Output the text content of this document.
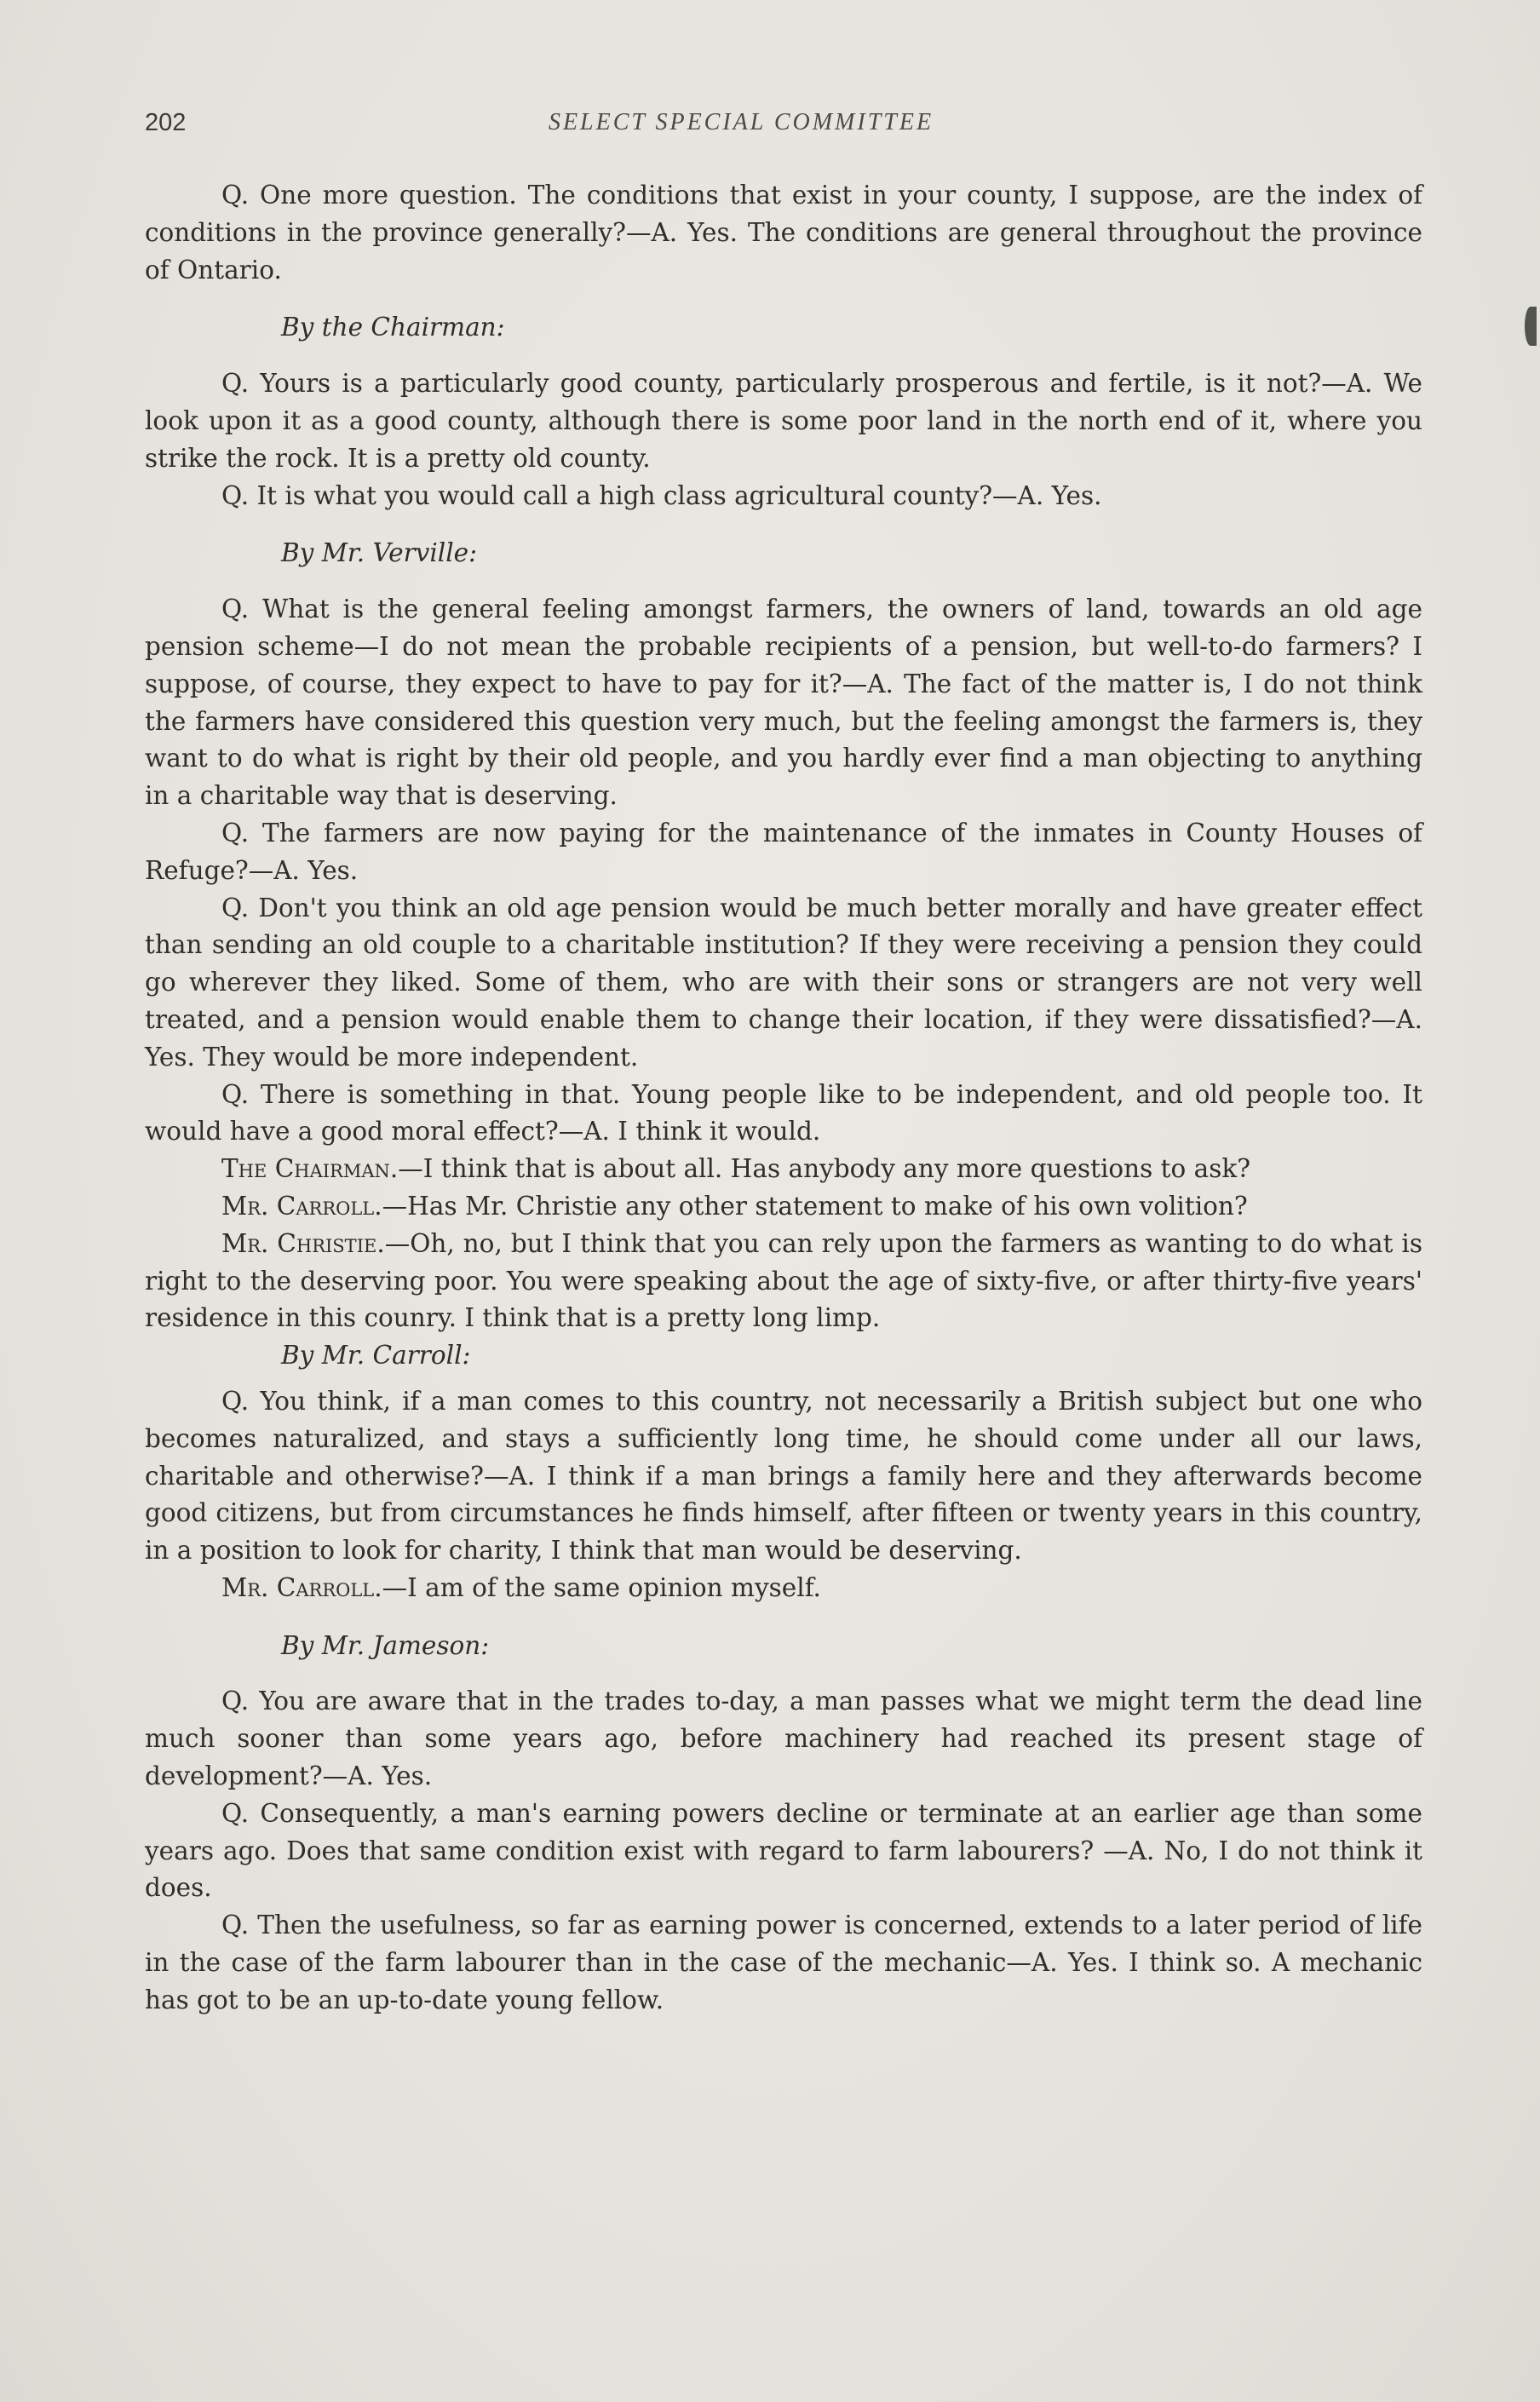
202	SELECT SPECIAL COMMITTEE

Q. One more question. The conditions that exist in your county, I suppose, are the index of conditions in the province generally?—A. Yes. The conditions are general throughout the province of Ontario.

By the Chairman:

Q. Yours is a particularly good county, particularly prosperous and fertile, is it not?—A. We look upon it as a good county, although there is some poor land in the north end of it, where you strike the rock. It is a pretty old county.

Q. It is what you would call a high class agricultural county?—A. Yes.

By Mr. Verville:

Q. What is the general feeling amongst farmers, the owners of land, towards an old age pension scheme—I do not mean the probable recipients of a pension, but well-to-do farmers? I suppose, of course, they expect to have to pay for it?—A. The fact of the matter is, I do not think the farmers have considered this question very much, but the feeling amongst the farmers is, they want to do what is right by their old people, and you hardly ever find a man objecting to anything in a charitable way that is deserving.

Q. The farmers are now paying for the maintenance of the inmates in County Houses of Refuge?—A. Yes.

Q. Don't you think an old age pension would be much better morally and have greater effect than sending an old couple to a charitable institution? If they were receiving a pension they could go wherever they liked. Some of them, who are with their sons or strangers are not very well treated, and a pension would enable them to change their location, if they were dissatisfied?—A. Yes. They would be more independent.

Q. There is something in that. Young people like to be independent, and old people too. It would have a good moral effect?—A. I think it would.

The Chairman.—I think that is about all. Has anybody any more questions to ask?

Mr. Carroll.—Has Mr. Christie any other statement to make of his own volition?

Mr. Christie.—Oh, no, but I think that you can rely upon the farmers as wanting to do what is right to the deserving poor. You were speaking about the age of sixty-five, or after thirty-five years' residence in this counry. I think that is a pretty long limp.

By Mr. Carroll:

Q. You think, if a man comes to this country, not necessarily a British subject but one who becomes naturalized, and stays a sufficiently long time, he should come under all our laws, charitable and otherwise?—A. I think if a man brings a family here and they afterwards become good citizens, but from circumstances he finds himself, after fifteen or twenty years in this country, in a position to look for charity, I think that man would be deserving.

Mr. Carroll.—I am of the same opinion myself.

By Mr. Jameson:

Q. You are aware that in the trades to-day, a man passes what we might term the dead line much sooner than some years ago, before machinery had reached its present stage of development?—A. Yes.

Q. Consequently, a man's earning powers decline or terminate at an earlier age than some years ago. Does that same condition exist with regard to farm labourers? —A. No, I do not think it does.

Q. Then the usefulness, so far as earning power is concerned, extends to a later period of life in the case of the farm labourer than in the case of the mechanic—A. Yes. I think so. A mechanic has got to be an up-to-date young fellow.
